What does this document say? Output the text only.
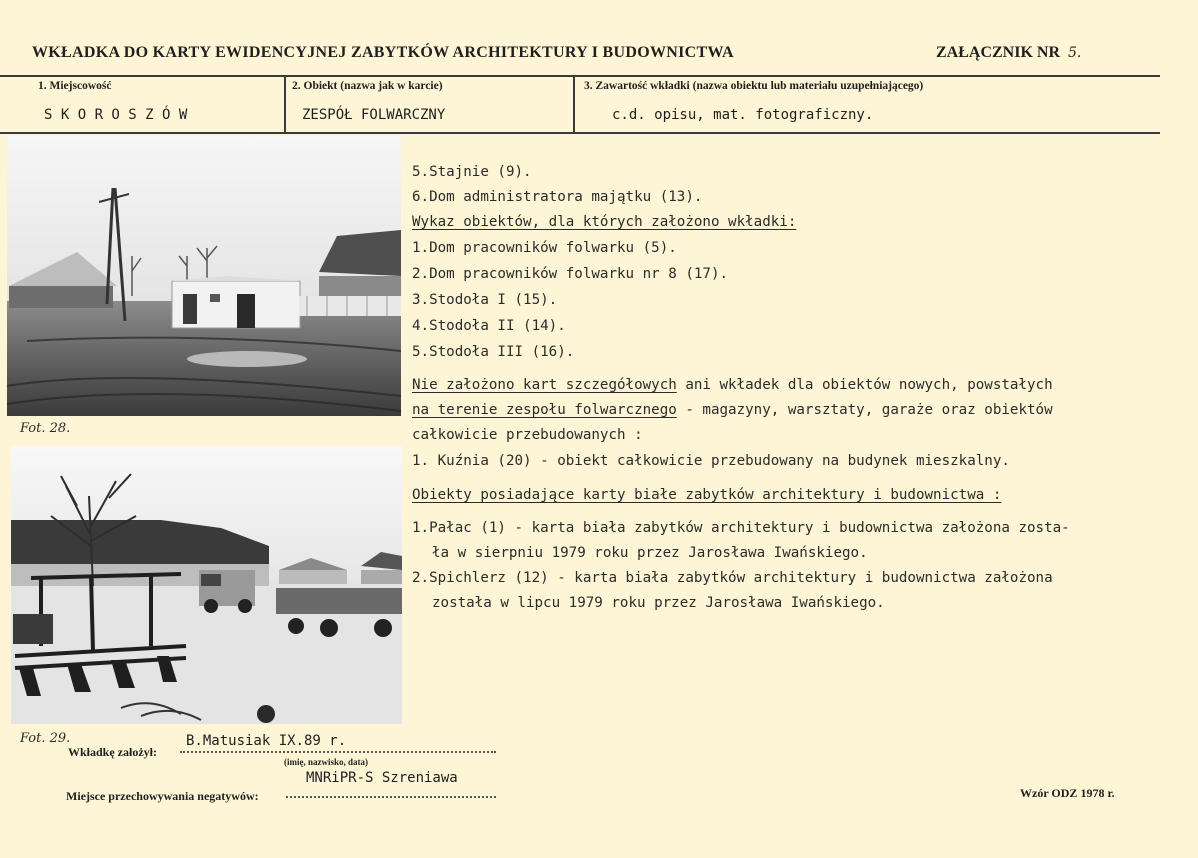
WKŁADKA DO KARTY EWIDENCYJNEJ ZABYTKÓW ARCHITEKTURY I BUDOWNICTWA	ZAŁĄCZNIK NR 5.
1. Miejscowość
S K O R O S Z Ó W
2. Obiekt (nazwa jak w karcie)
ZESPÓŁ FOLWARCZNY
3. Zawartość wkładki (nazwa obiektu lub materiału uzupełniającego)
c.d. opisu, mat. fotograficzny.
Fot. 28.
Fot. 29.
5.Stajnie (9).
6.Dom administratora majątku (13).
Wykaz obiektów, dla których założono wkładki:
1.Dom pracowników folwarku (5).
2.Dom pracowników folwarku nr 8 (17).
3.Stodoła I (15).
4.Stodoła II (14).
5.Stodoła III (16).
Nie założono kart szczegółowych ani wkładek dla obiektów nowych, powstałych
na terenie zespołu folwarcznego - magazyny, warsztaty, garaże oraz obiektów
całkowicie przebudowanych :
1. Kuźnia (20) - obiekt całkowicie przebudowany na budynek mieszkalny.
Obiekty posiadające karty białe zabytków architektury i budownictwa :
1.Pałac (1) - karta biała zabytków architektury i budownictwa założona zosta-
ła w sierpniu 1979 roku przez Jarosława Iwańskiego.
2.Spichlerz (12) - karta biała zabytków architektury i budownictwa założona
została w lipcu 1979 roku przez Jarosława Iwańskiego.
Wkładkę założył:
B.Matusiak IX.89 r.
(imię, nazwisko, data)
MNRiPR-S Szreniawa
Miejsce przechowywania negatywów:	Wzór ODZ 1978 r.
